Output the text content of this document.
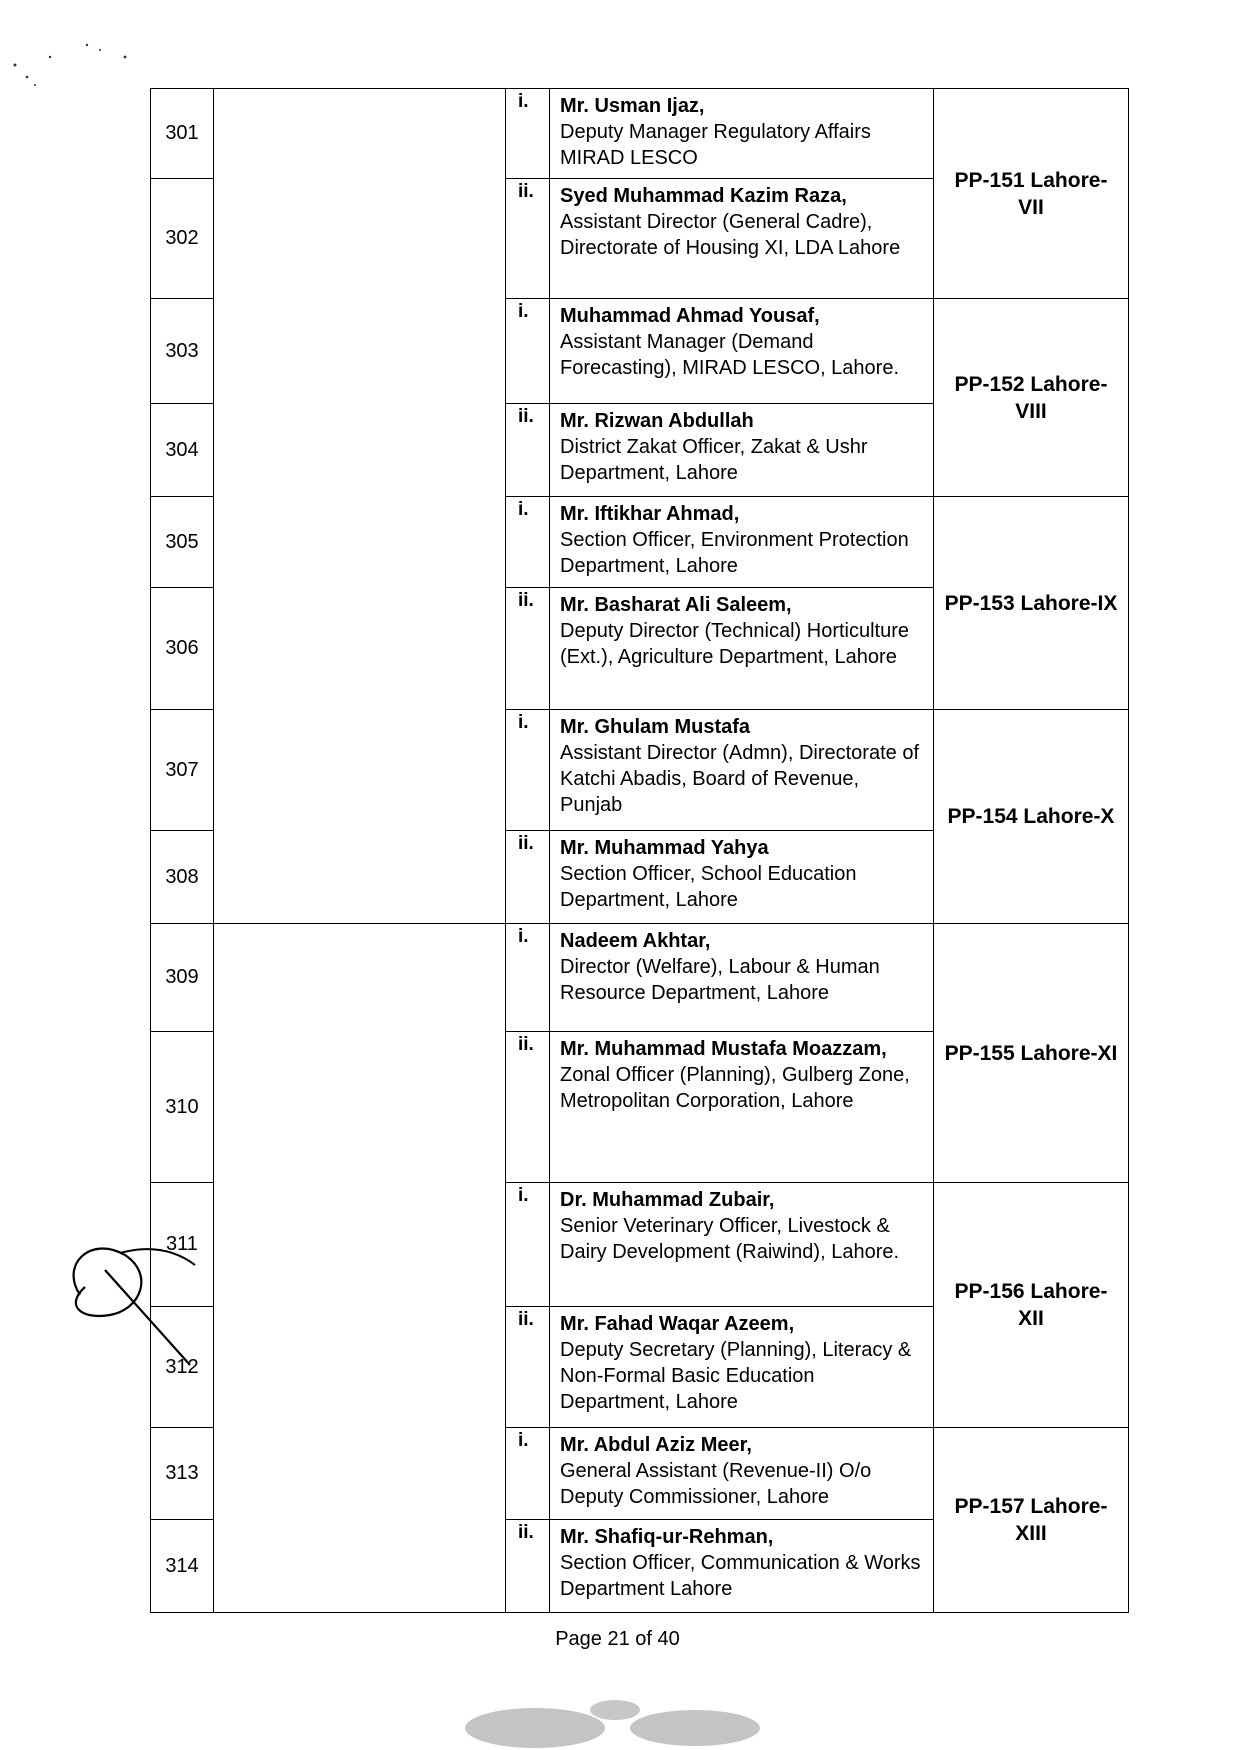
301		i.	Mr. Usman Ijaz,
Deputy Manager Regulatory Affairs MIRAD LESCO	PP-151 Lahore-VII
302		ii.	Syed Muhammad Kazim Raza,
Assistant Director (General Cadre), Directorate of Housing XI, LDA Lahore	

303		i.	Muhammad Ahmad Yousaf,
Assistant Manager (Demand Forecasting), MIRAD LESCO, Lahore.	PP-152 Lahore-VIII
304		ii.	Mr. Rizwan Abdullah
District Zakat Officer, Zakat & Ushr Department, Lahore	

305		i.	Mr. Iftikhar Ahmad,
Section Officer, Environment Protection Department, Lahore	PP-153 Lahore-IX
306		ii.	Mr. Basharat Ali Saleem,
Deputy Director (Technical) Horticulture (Ext.), Agriculture Department, Lahore	

307		i.	Mr. Ghulam Mustafa
Assistant Director (Admn), Directorate of Katchi Abadis, Board of Revenue, Punjab	PP-154 Lahore-X
308		ii.	Mr. Muhammad Yahya
Section Officer, School Education Department, Lahore	

309		i.	Nadeem Akhtar,
Director (Welfare), Labour & Human Resource Department, Lahore	PP-155 Lahore-XI
310		ii.	Mr. Muhammad Mustafa Moazzam,
Zonal Officer (Planning), Gulberg Zone, Metropolitan Corporation, Lahore	

311		i.	Dr. Muhammad Zubair,
Senior Veterinary Officer, Livestock & Dairy Development (Raiwind), Lahore.	PP-156 Lahore-XII
312		ii.	Mr. Fahad Waqar Azeem,
Deputy Secretary (Planning), Literacy & Non-Formal Basic Education Department, Lahore	

313		i.	Mr. Abdul Aziz Meer,
General Assistant (Revenue-II) O/o Deputy Commissioner, Lahore	PP-157 Lahore-XIII
314		ii.	Mr. Shafiq-ur-Rehman,
Section Officer, Communication & Works Department Lahore	
Page 21 of 40
